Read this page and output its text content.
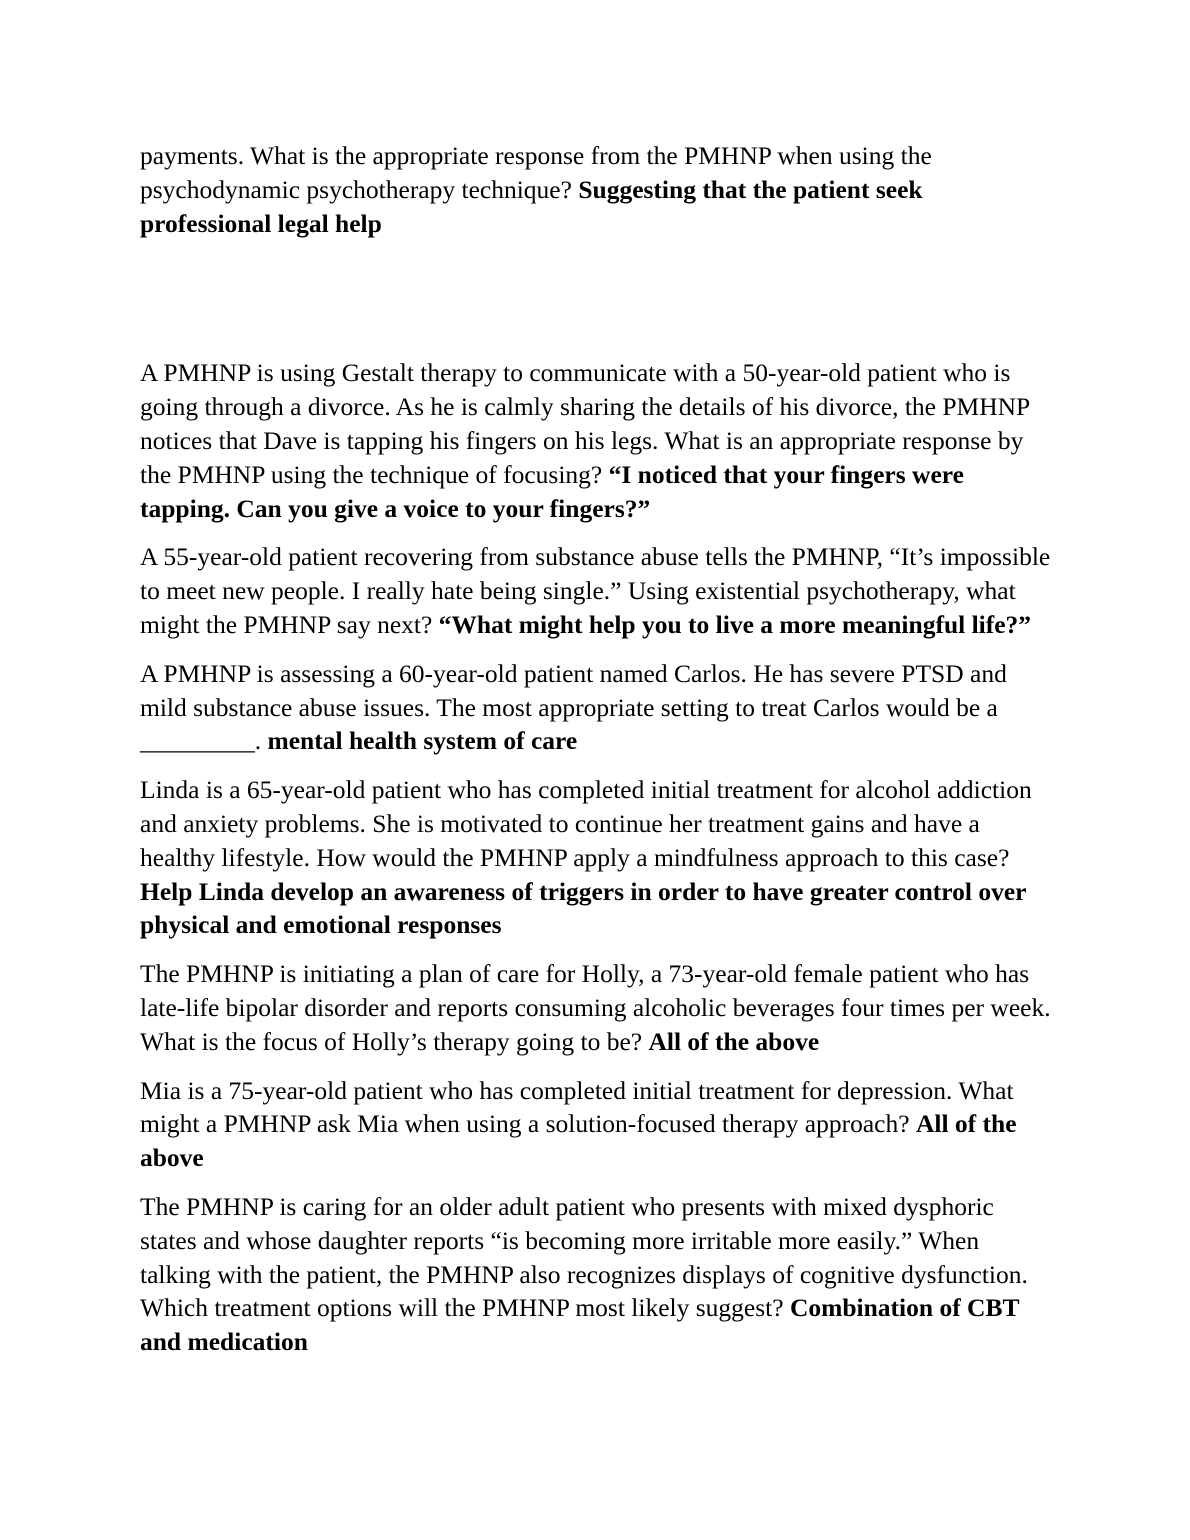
payments. What is the appropriate response from the PMHNP when using the psychodynamic psychotherapy technique? Suggesting that the patient seek professional legal help

A PMHNP is using Gestalt therapy to communicate with a 50-year-old patient who is going through a divorce. As he is calmly sharing the details of his divorce, the PMHNP notices that Dave is tapping his fingers on his legs. What is an appropriate response by the PMHNP using the technique of focusing? “I noticed that your fingers were tapping. Can you give a voice to your fingers?”

A 55-year-old patient recovering from substance abuse tells the PMHNP, “It’s impossible to meet new people. I really hate being single.” Using existential psychotherapy, what might the PMHNP say next? “What might help you to live a more meaningful life?”

A PMHNP is assessing a 60-year-old patient named Carlos. He has severe PTSD and mild substance abuse issues. The most appropriate setting to treat Carlos would be a _________. mental health system of care

Linda is a 65-year-old patient who has completed initial treatment for alcohol addiction and anxiety problems. She is motivated to continue her treatment gains and have a healthy lifestyle. How would the PMHNP apply a mindfulness approach to this case? Help Linda develop an awareness of triggers in order to have greater control over physical and emotional responses

The PMHNP is initiating a plan of care for Holly, a 73-year-old female patient who has late-life bipolar disorder and reports consuming alcoholic beverages four times per week. What is the focus of Holly’s therapy going to be? All of the above

Mia is a 75-year-old patient who has completed initial treatment for depression. What might a PMHNP ask Mia when using a solution-focused therapy approach? All of the above

The PMHNP is caring for an older adult patient who presents with mixed dysphoric states and whose daughter reports “is becoming more irritable more easily.” When talking with the patient, the PMHNP also recognizes displays of cognitive dysfunction. Which treatment options will the PMHNP most likely suggest? Combination of CBT and medication
